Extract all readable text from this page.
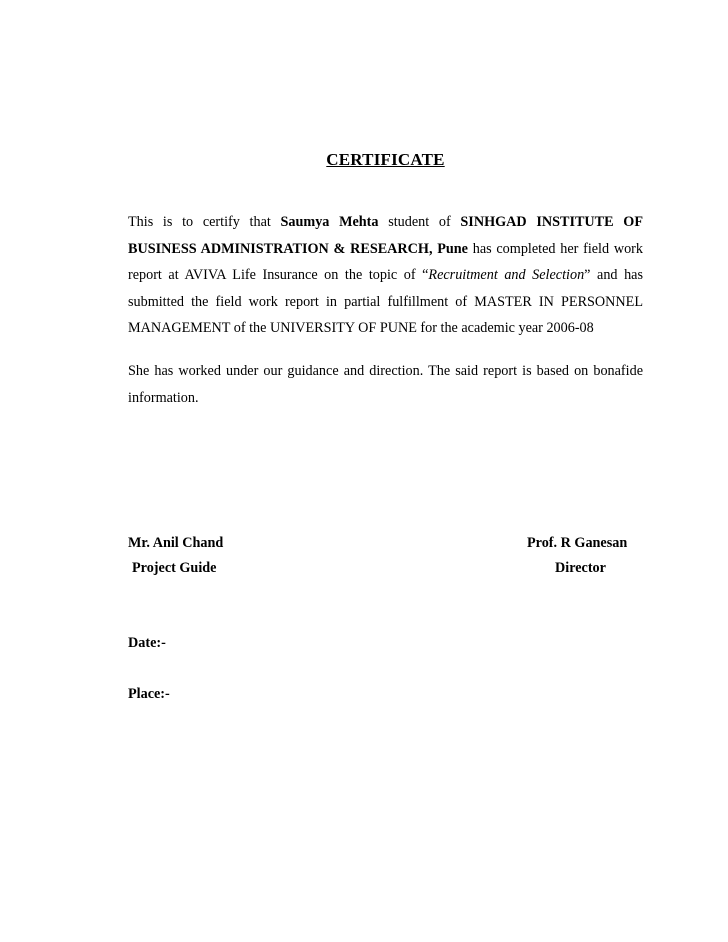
CERTIFICATE
This is to certify that Saumya Mehta student of SINHGAD INSTITUTE OF BUSINESS ADMINISTRATION & RESEARCH, Pune has completed her field work report at AVIVA Life Insurance on the topic of “Recruitment and Selection” and has submitted the field work report in partial fulfillment of MASTER IN PERSONNEL MANAGEMENT of the UNIVERSITY OF PUNE for the academic year 2006-08
She has worked under our guidance and direction. The said report is based on bonafide information.
Mr. Anil Chand
Project Guide
Prof. R Ganesan
Director
Date:-
Place:-
